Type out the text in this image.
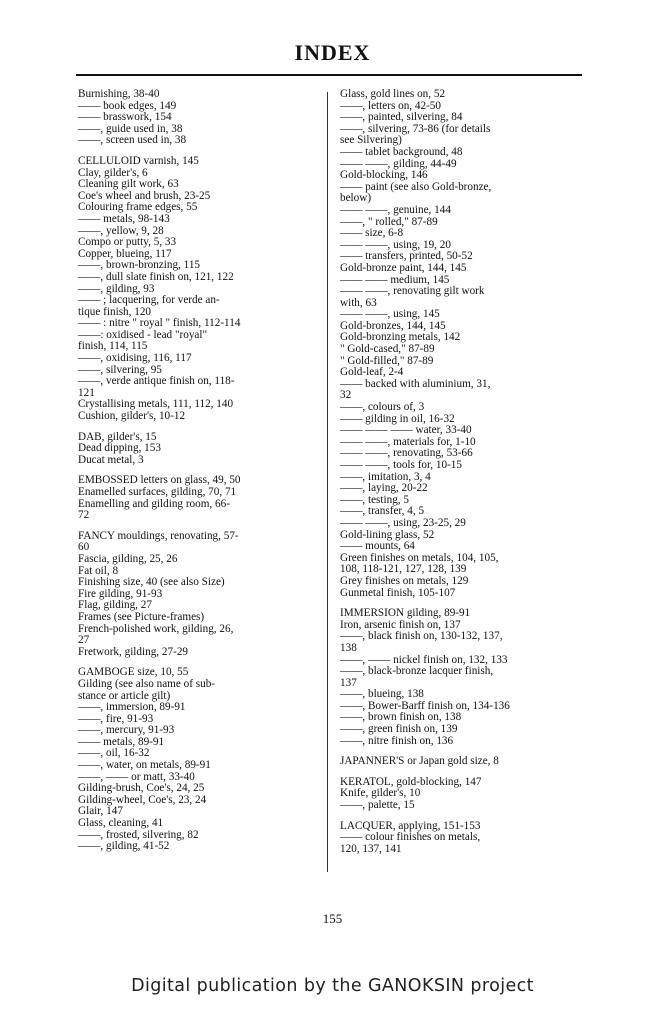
INDEX
Burnishing, 38-40
—— book edges, 149
—— brasswork, 154
——, guide used in, 38
——, screen used in, 38
CELLULOID varnish, 145
Clay, gilder's, 6
Cleaning gilt work, 63
Coe's wheel and brush, 23-25
Colouring frame edges, 55
—— metals, 98-143
——, yellow, 9, 28
Compo or putty, 5, 33
Copper, blueing, 117
——, brown-bronzing, 115
——, dull slate finish on, 121, 122
——, gilding, 93
—— ; lacquering, for verde an-
tique finish, 120
—— : nitre " royal " finish, 112-114
——: oxidised - lead "royal"
finish, 114, 115
——, oxidising, 116, 117
——, silvering, 95
——, verde antique finish on, 118-
121
Crystallising metals, 111, 112, 140
Cushion, gilder's, 10-12
DAB, gilder's, 15
Dead dipping, 153
Ducat metal, 3
EMBOSSED letters on glass, 49, 50
Enamelled surfaces, gilding, 70, 71
Enamelling and gilding room, 66-
72
FANCY mouldings, renovating, 57-
60
Fascia, gilding, 25, 26
Fat oil, 8
Finishing size, 40 (see also Size)
Fire gilding, 91-93
Flag, gilding, 27
Frames (see Picture-frames)
French-polished work, gilding, 26,
27
Fretwork, gilding, 27-29
GAMBOGE size, 10, 55
Gilding (see also name of sub-
stance or article gilt)
——, immersion, 89-91
——, fire, 91-93
——, mercury, 91-93
—— metals, 89-91
——, oil, 16-32
——, water, on metals, 89-91
——, —— or matt, 33-40
Gilding-brush, Coe's, 24, 25
Gilding-wheel, Coe's, 23, 24
Glair, 147
Glass, cleaning, 41
——, frosted, silvering, 82
——, gilding, 41-52
Glass, gold lines on, 52
——, letters on, 42-50
——, painted, silvering, 84
——, silvering, 73-86 (for details
see Silvering)
—— tablet background, 48
—— ——, gilding, 44-49
Gold-blocking, 146
—— paint (see also Gold-bronze,
below)
—— ——, genuine, 144
——, " rolled," 87-89
—— size, 6-8
—— ——, using, 19, 20
—— transfers, printed, 50-52
Gold-bronze paint, 144, 145
—— —— medium, 145
—— ——, renovating gilt work
with, 63
—— ——, using, 145
Gold-bronzes, 144, 145
Gold-bronzing metals, 142
" Gold-cased," 87-89
" Gold-filled," 87-89
Gold-leaf, 2-4
—— backed with aluminium, 31,
32
——, colours of, 3
—— gilding in oil, 16-32
—— —— —— water, 33-40
—— ——, materials for, 1-10
—— ——, renovating, 53-66
—— ——, tools for, 10-15
——, imitation, 3, 4
——, laying, 20-22
——, testing, 5
——, transfer, 4, 5
—— ——, using, 23-25, 29
Gold-lining glass, 52
—— mounts, 64
Green finishes on metals, 104, 105,
108, 118-121, 127, 128, 139
Grey finishes on metals, 129
Gunmetal finish, 105-107
IMMERSION gilding, 89-91
Iron, arsenic finish on, 137
——, black finish on, 130-132, 137,
138
——, —— nickel finish on, 132, 133
——, black-bronze lacquer finish,
137
——, blueing, 138
——, Bower-Barff finish on, 134-136
——, brown finish on, 138
——, green finish on, 139
——, nitre finish on, 136
JAPANNER'S or Japan gold size, 8
KERATOL, gold-blocking, 147
Knife, gilder's, 10
——, palette, 15
LACQUER, applying, 151-153
—— colour finishes on metals,
120, 137, 141
155
Digital publication by the GANOKSIN project
